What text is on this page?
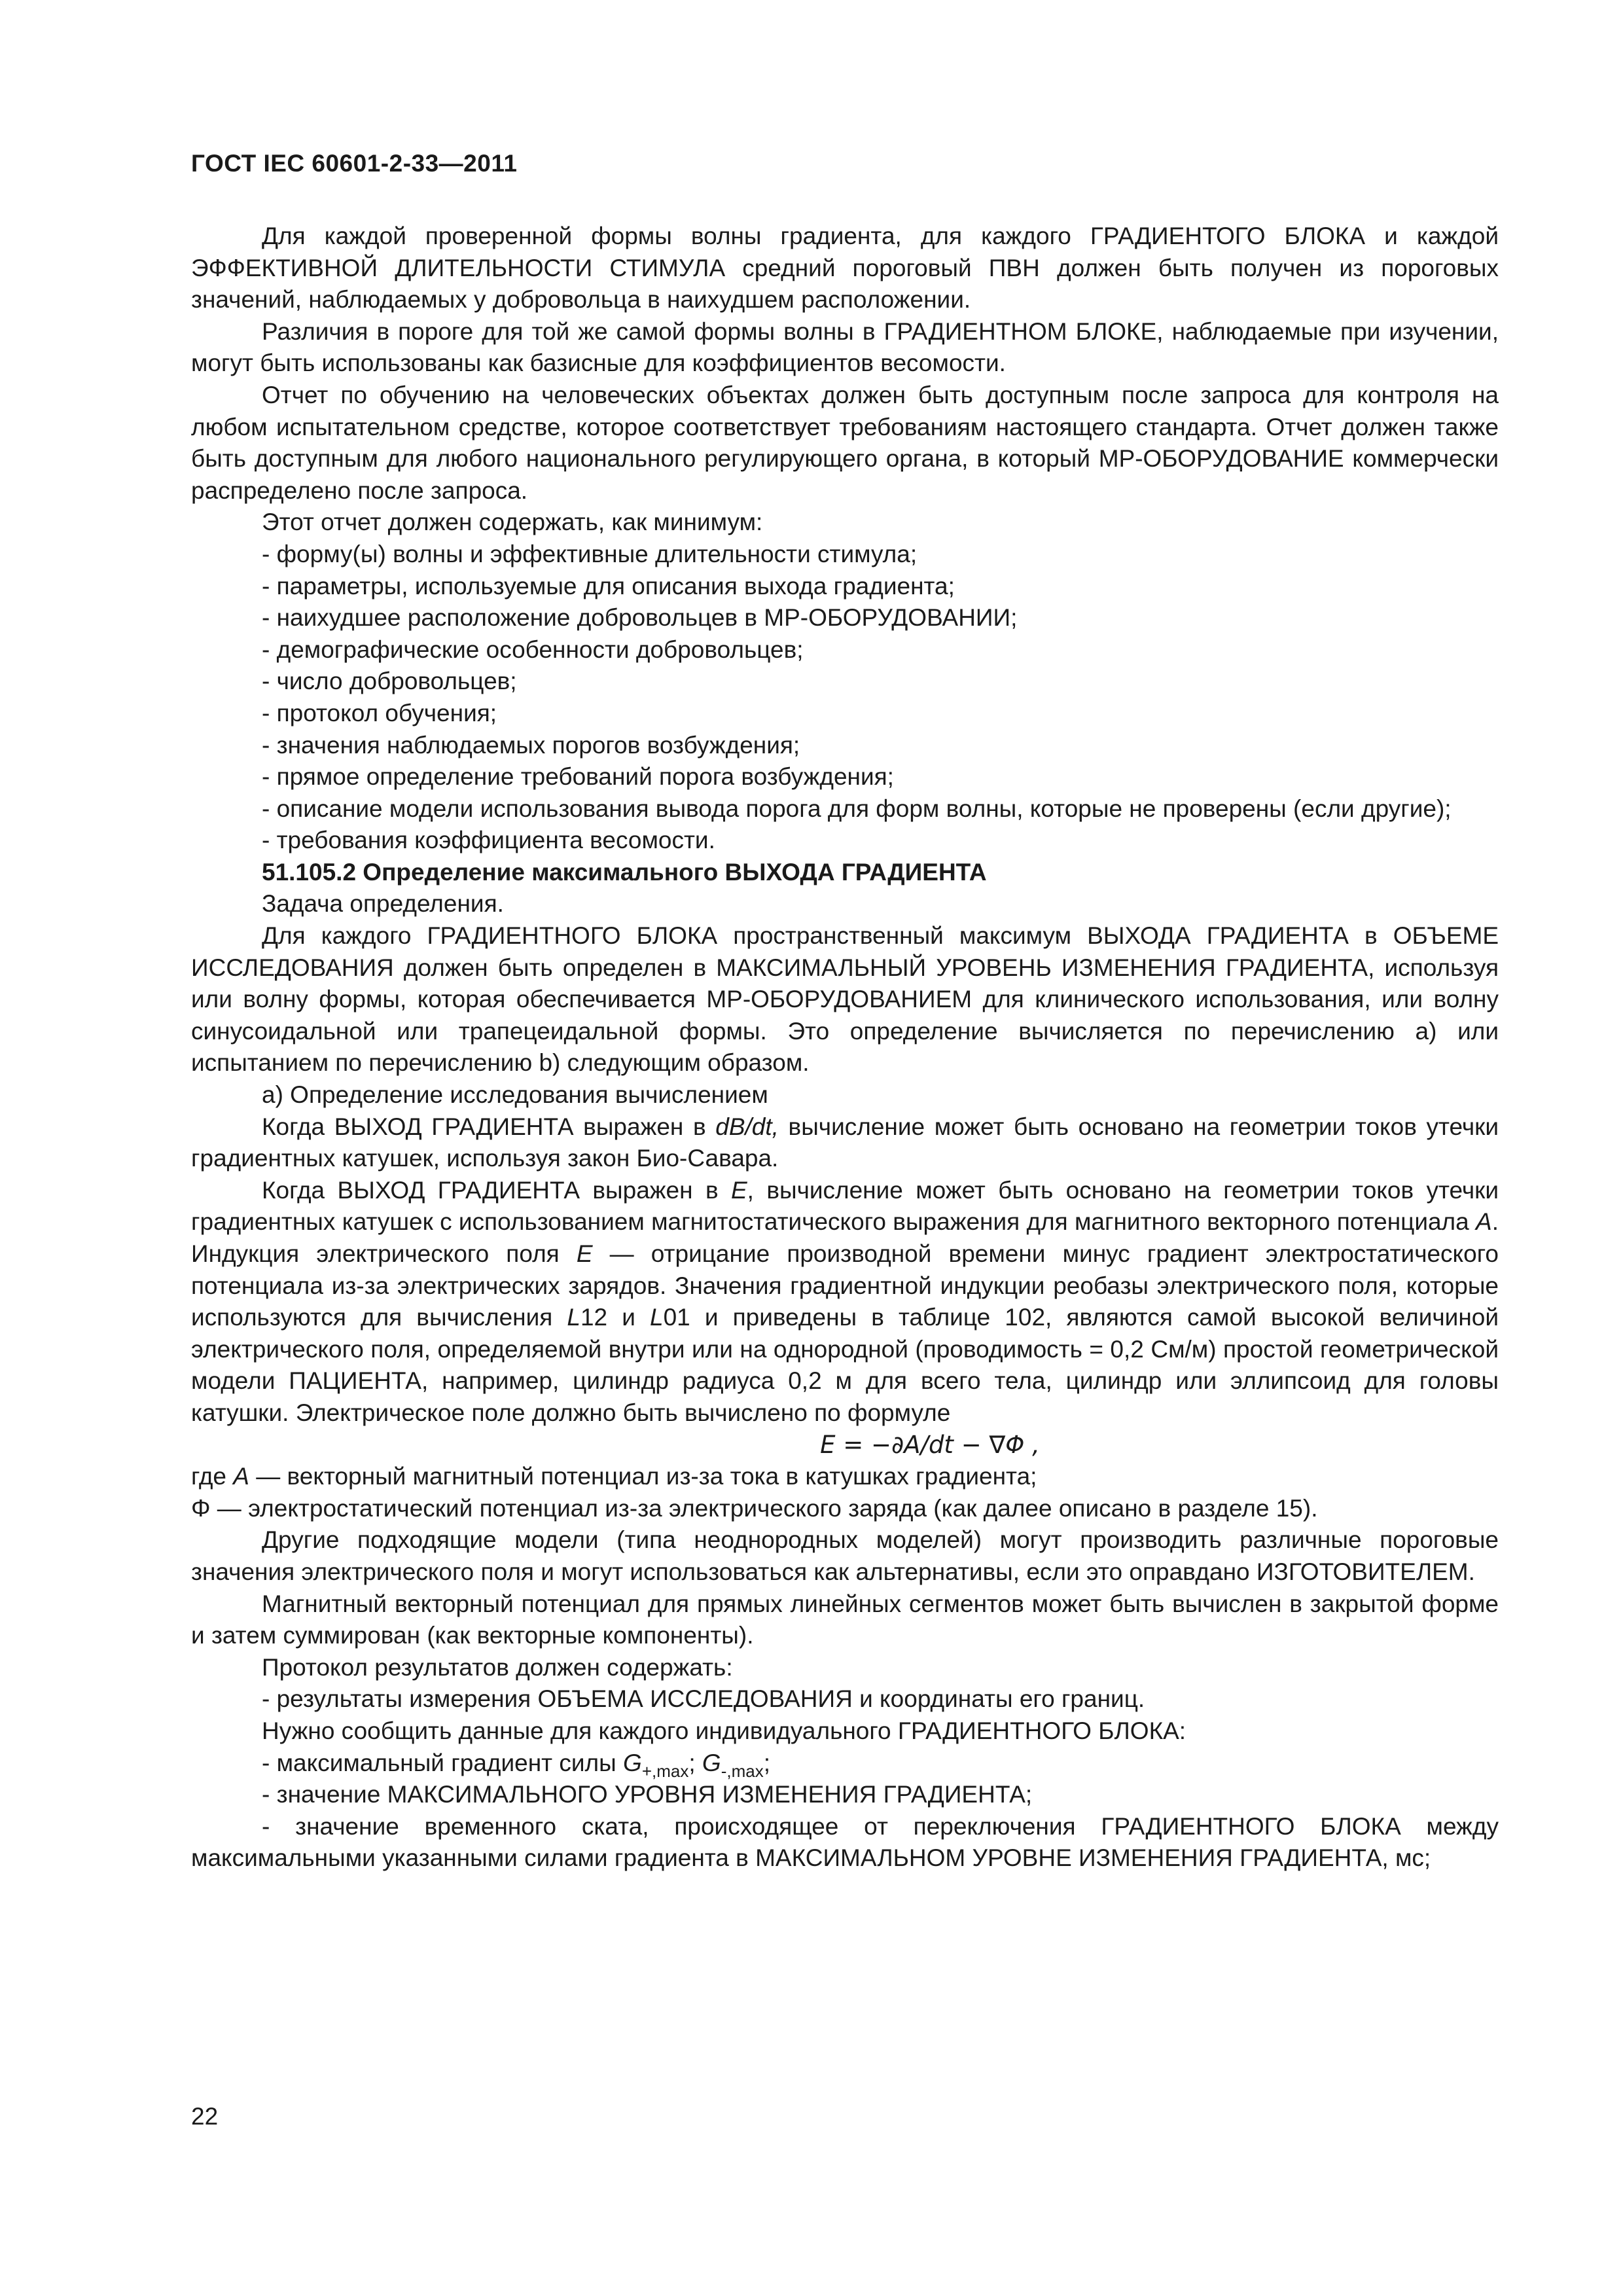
ГОСТ IEC 60601-2-33—2011

Для каждой проверенной формы волны градиента, для каждого ГРАДИЕНТОГО БЛОКА и каждой ЭФФЕКТИВНОЙ ДЛИТЕЛЬНОСТИ СТИМУЛА средний пороговый ПВН должен быть получен из пороговых значений, наблюдаемых у добровольца в наихудшем расположении.

Различия в пороге для той же самой формы волны в ГРАДИЕНТНОМ БЛОКЕ, наблюдаемые при изучении, могут быть использованы как базисные для коэффициентов весомости.

Отчет по обучению на человеческих объектах должен быть доступным после запроса для контроля на любом испытательном средстве, которое соответствует требованиям настоящего стандарта. Отчет должен также быть доступным для любого национального регулирующего органа, в который МР-ОБОРУДОВАНИЕ коммерчески распределено после запроса.

Этот отчет должен содержать, как минимум:

- форму(ы) волны и эффективные длительности стимула;

- параметры, используемые для описания выхода градиента;

- наихудшее расположение добровольцев в МР-ОБОРУДОВАНИИ;

- демографические особенности добровольцев;

- число добровольцев;

- протокол обучения;

- значения наблюдаемых порогов возбуждения;

- прямое определение требований порога возбуждения;

- описание модели использования вывода порога для форм волны, которые не проверены (если другие);

- требования коэффициента весомости.

51.105.2 Определение максимального ВЫХОДА ГРАДИЕНТА

Задача определения.

Для каждого ГРАДИЕНТНОГО БЛОКА пространственный максимум ВЫХОДА ГРАДИЕНТА в ОБЪЕМЕ ИССЛЕДОВАНИЯ должен быть определен в МАКСИМАЛЬНЫЙ УРОВЕНЬ ИЗМЕНЕНИЯ ГРАДИЕНТА, используя или волну формы, которая обеспечивается МР-ОБОРУДОВАНИЕМ для клинического использования, или волну синусоидальной или трапецеидальной формы. Это определение вычисляется по перечислению а) или испытанием по перечислению b) следующим образом.

а) Определение исследования вычислением

Когда ВЫХОД ГРАДИЕНТА выражен в dB/dt, вычисление может быть основано на геометрии токов утечки градиентных катушек, используя закон Био-Савара.

Когда ВЫХОД ГРАДИЕНТА выражен в E, вычисление может быть основано на геометрии токов утечки градиентных катушек с использованием магнитостатического выражения для магнитного векторного потенциала A. Индукция электрического поля E — отрицание производной времени минус градиент электростатического потенциала из-за электрических зарядов. Значения градиентной индукции реобазы электрического поля, которые используются для вычисления L12 и L01 и приведены в таблице 102, являются самой высокой величиной электрического поля, определяемой внутри или на однородной (проводимость = 0,2 См/м) простой геометрической модели ПАЦИЕНТА, например, цилиндр радиуса 0,2 м для всего тела, цилиндр или эллипсоид для головы катушки. Электрическое поле должно быть вычислено по формуле

E = −∂A/dt − ∇Φ ,

где A — векторный магнитный потенциал из-за тока в катушках градиента;

Φ — электростатический потенциал из-за электрического заряда (как далее описано в разделе 15).

Другие подходящие модели (типа неоднородных моделей) могут производить различные пороговые значения электрического поля и могут использоваться как альтернативы, если это оправдано ИЗГОТОВИТЕЛЕМ.

Магнитный векторный потенциал для прямых линейных сегментов может быть вычислен в закрытой форме и затем суммирован (как векторные компоненты).

Протокол результатов должен содержать:

- результаты измерения ОБЪЕМА ИССЛЕДОВАНИЯ и координаты его границ.

Нужно сообщить данные для каждого индивидуального ГРАДИЕНТНОГО БЛОКА:

- максимальный градиент силы $G_{+,max}$; $G_{-,max}$;

- значение МАКСИМАЛЬНОГО УРОВНЯ ИЗМЕНЕНИЯ ГРАДИЕНТА;

- значение временного ската, происходящее от переключения ГРАДИЕНТНОГО БЛОКА между максимальными указанными силами градиента в МАКСИМАЛЬНОМ УРОВНЕ ИЗМЕНЕНИЯ ГРАДИЕНТА, мс;

22
